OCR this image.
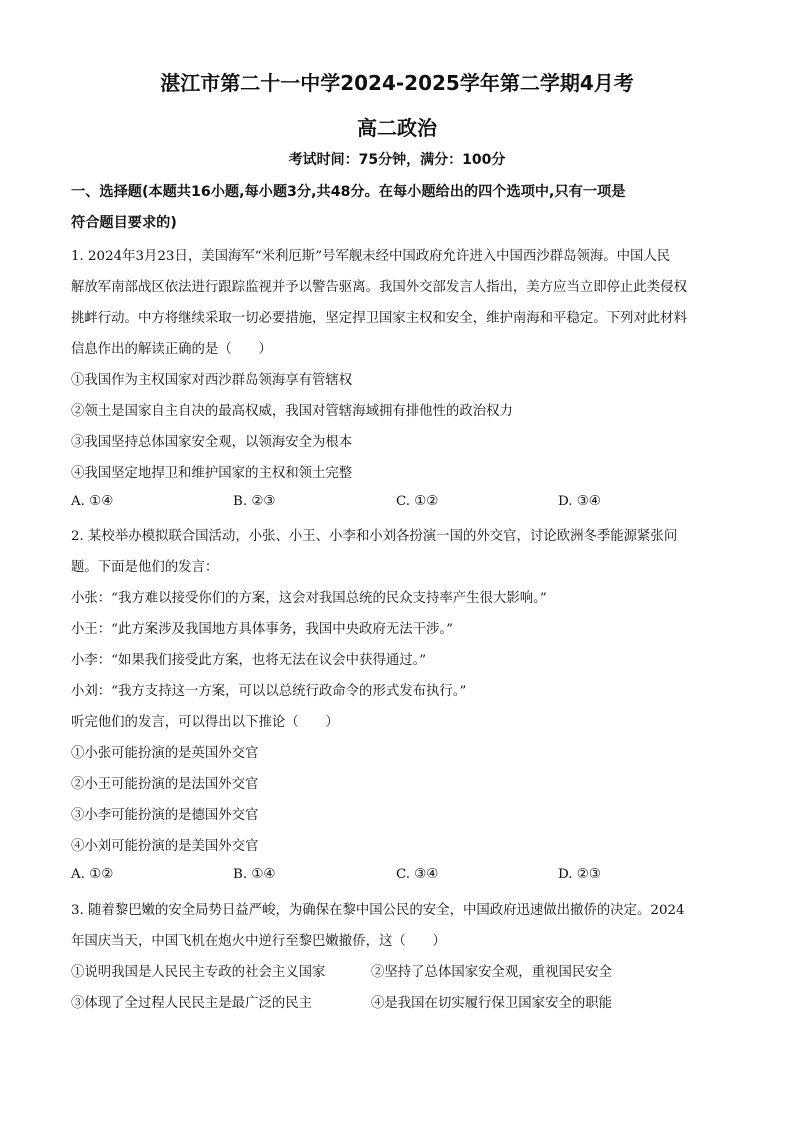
湛江市第二十一中学2024-2025学年第二学期4月考
高二政治
考试时间：75分钟，满分：100分
一、选择题(本题共16小题,每小题3分,共48分。在每小题给出的四个选项中,只有一项是
符合题目要求的)
1. 2024年3月23日，美国海军“米利厄斯”号军舰未经中国政府允许进入中国西沙群岛领海。中国人民
解放军南部战区依法进行跟踪监视并予以警告驱离。我国外交部发言人指出，美方应当立即停止此类侵权
挑衅行动。中方将继续采取一切必要措施，坚定捍卫国家主权和安全，维护南海和平稳定。下列对此材料
信息作出的解读正确的是（　　）
①我国作为主权国家对西沙群岛领海享有管辖权
②领土是国家自主自决的最高权威，我国对管辖海域拥有排他性的政治权力
③我国坚持总体国家安全观，以领海安全为根本
④我国坚定地捍卫和维护国家的主权和领土完整
A. ①④	B. ②③	C. ①②	D. ③④
2. 某校举办模拟联合国活动，小张、小王、小李和小刘各扮演一国的外交官，讨论欧洲冬季能源紧张问
题。下面是他们的发言：
小张：“我方难以接受你们的方案，这会对我国总统的民众支持率产生很大影响。”
小王：“此方案涉及我国地方具体事务，我国中央政府无法干涉。”
小李：“如果我们接受此方案，也将无法在议会中获得通过。”
小刘：“我方支持这一方案，可以以总统行政命令的形式发布执行。”
听完他们的发言，可以得出以下推论（　　）
①小张可能扮演的是英国外交官
②小王可能扮演的是法国外交官
③小李可能扮演的是德国外交官
④小刘可能扮演的是美国外交官
A. ①②	B. ①④	C. ③④	D. ②③
3. 随着黎巴嫩的安全局势日益严峻，为确保在黎中国公民的安全，中国政府迅速做出撤侨的决定。2024
年国庆当天，中国飞机在炮火中逆行至黎巴嫩撤侨，这（　　）
①说明我国是人民民主专政的社会主义国家	②坚持了总体国家安全观，重视国民安全
③体现了全过程人民民主是最广泛的民主	④是我国在切实履行保卫国家安全的职能
